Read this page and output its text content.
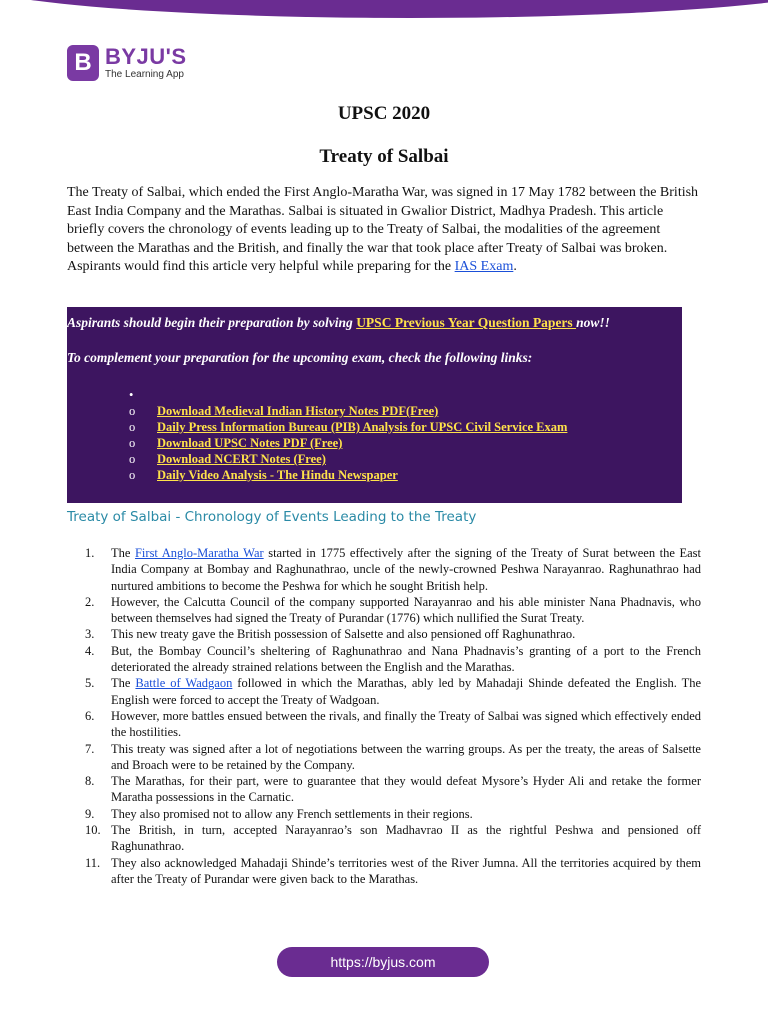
B BYJU'S
The Learning App
UPSC 2020
Treaty of Salbai

The Treaty of Salbai, which ended the First Anglo-Maratha War, was signed in 17 May 1782 between the British East India Company and the Marathas. Salbai is situated in Gwalior District, Madhya Pradesh. This article briefly covers the chronology of events leading up to the Treaty of Salbai, the modalities of the agreement between the Marathas and the British, and finally the war that took place after Treaty of Salbai was broken. Aspirants would find this article very helpful while preparing for the IAS Exam.

Aspirants should begin their preparation by solving UPSC Previous Year Question Papers now!!

To complement your preparation for the upcoming exam, check the following links:

•
o Download Medieval Indian History Notes PDF(Free)
o Daily Press Information Bureau (PIB) Analysis for UPSC Civil Service Exam
o Download UPSC Notes PDF (Free)
o Download NCERT Notes (Free)
o Daily Video Analysis - The Hindu Newspaper
Treaty of Salbai - Chronology of Events Leading to the Treaty
1. The First Anglo-Maratha War started in 1775 effectively after the signing of the Treaty of Surat between the East India Company at Bombay and Raghunathrao, uncle of the newly-crowned Peshwa Narayanrao. Raghunathrao had nurtured ambitions to become the Peshwa for which he sought British help.
2. However, the Calcutta Council of the company supported Narayanrao and his able minister Nana Phadnavis, who between themselves had signed the Treaty of Purandar (1776) which nullified the Surat Treaty.
3. This new treaty gave the British possession of Salsette and also pensioned off Raghunathrao.
4. But, the Bombay Council’s sheltering of Raghunathrao and Nana Phadnavis’s granting of a port to the French deteriorated the already strained relations between the English and the Marathas.
5. The Battle of Wadgaon followed in which the Marathas, ably led by Mahadaji Shinde defeated the English. The English were forced to accept the Treaty of Wadgoan.
6. However, more battles ensued between the rivals, and finally the Treaty of Salbai was signed which effectively ended the hostilities.
7. This treaty was signed after a lot of negotiations between the warring groups. As per the treaty, the areas of Salsette and Broach were to be retained by the Company.
8. The Marathas, for their part, were to guarantee that they would defeat Mysore’s Hyder Ali and retake the former Maratha possessions in the Carnatic.
9. They also promised not to allow any French settlements in their regions.
10. The British, in turn, accepted Narayanrao’s son Madhavrao II as the rightful Peshwa and pensioned off Raghunathrao.
11. They also acknowledged Mahadaji Shinde’s territories west of the River Jumna. All the territories acquired by them after the Treaty of Purandar were given back to the Marathas.
https://byjus.com
